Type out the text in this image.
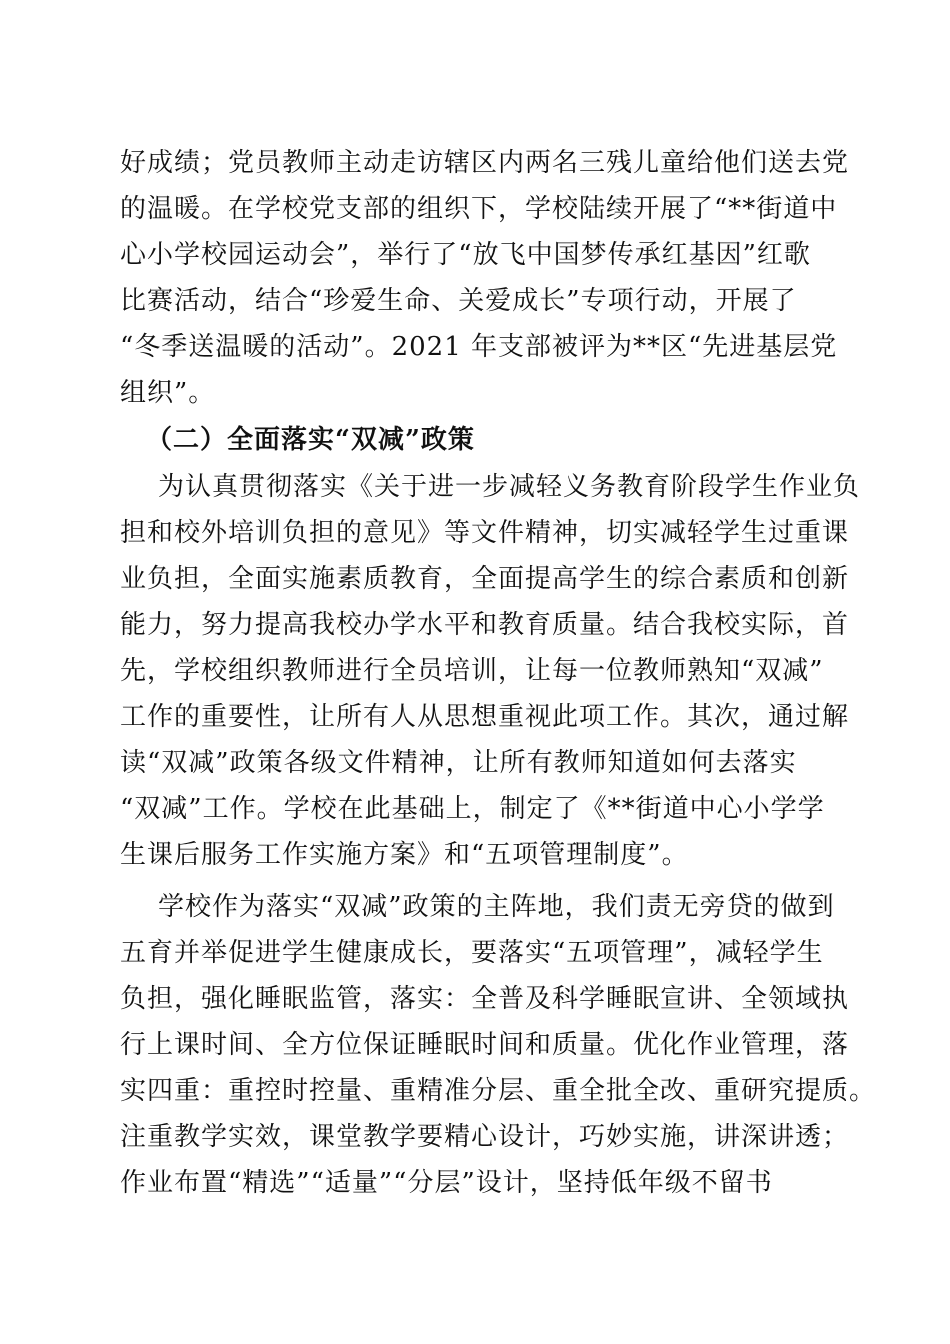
好成绩；党员教师主动走访辖区内两名三残儿童给他们送去党
的温暖。在学校党支部的组织下，学校陆续开展了“**街道中
心小学校园运动会”，举行了“放飞中国梦传承红基因”红歌
比赛活动，结合“珍爱生命、关爱成长”专项行动，开展了
“冬季送温暖的活动”。2021 年支部被评为**区“先进基层党
组织”。
（二）全面落实“双减”政策
为认真贯彻落实《关于进一步减轻义务教育阶段学生作业负
担和校外培训负担的意见》等文件精神，切实减轻学生过重课
业负担，全面实施素质教育，全面提高学生的综合素质和创新
能力，努力提高我校办学水平和教育质量。结合我校实际，首
先，学校组织教师进行全员培训，让每一位教师熟知“双减”
工作的重要性，让所有人从思想重视此项工作。其次，通过解
读“双减”政策各级文件精神，让所有教师知道如何去落实
“双减”工作。学校在此基础上，制定了《**街道中心小学学
生课后服务工作实施方案》和“五项管理制度”。
学校作为落实“双减”政策的主阵地，我们责无旁贷的做到
五育并举促进学生健康成长，要落实“五项管理”，减轻学生
负担，强化睡眠监管，落实：全普及科学睡眠宣讲、全领域执
行上课时间、全方位保证睡眠时间和质量。优化作业管理，落
实四重：重控时控量、重精准分层、重全批全改、重研究提质。
注重教学实效，课堂教学要精心设计，巧妙实施，讲深讲透；
作业布置“精选”“适量”“分层”设计，坚持低年级不留书
